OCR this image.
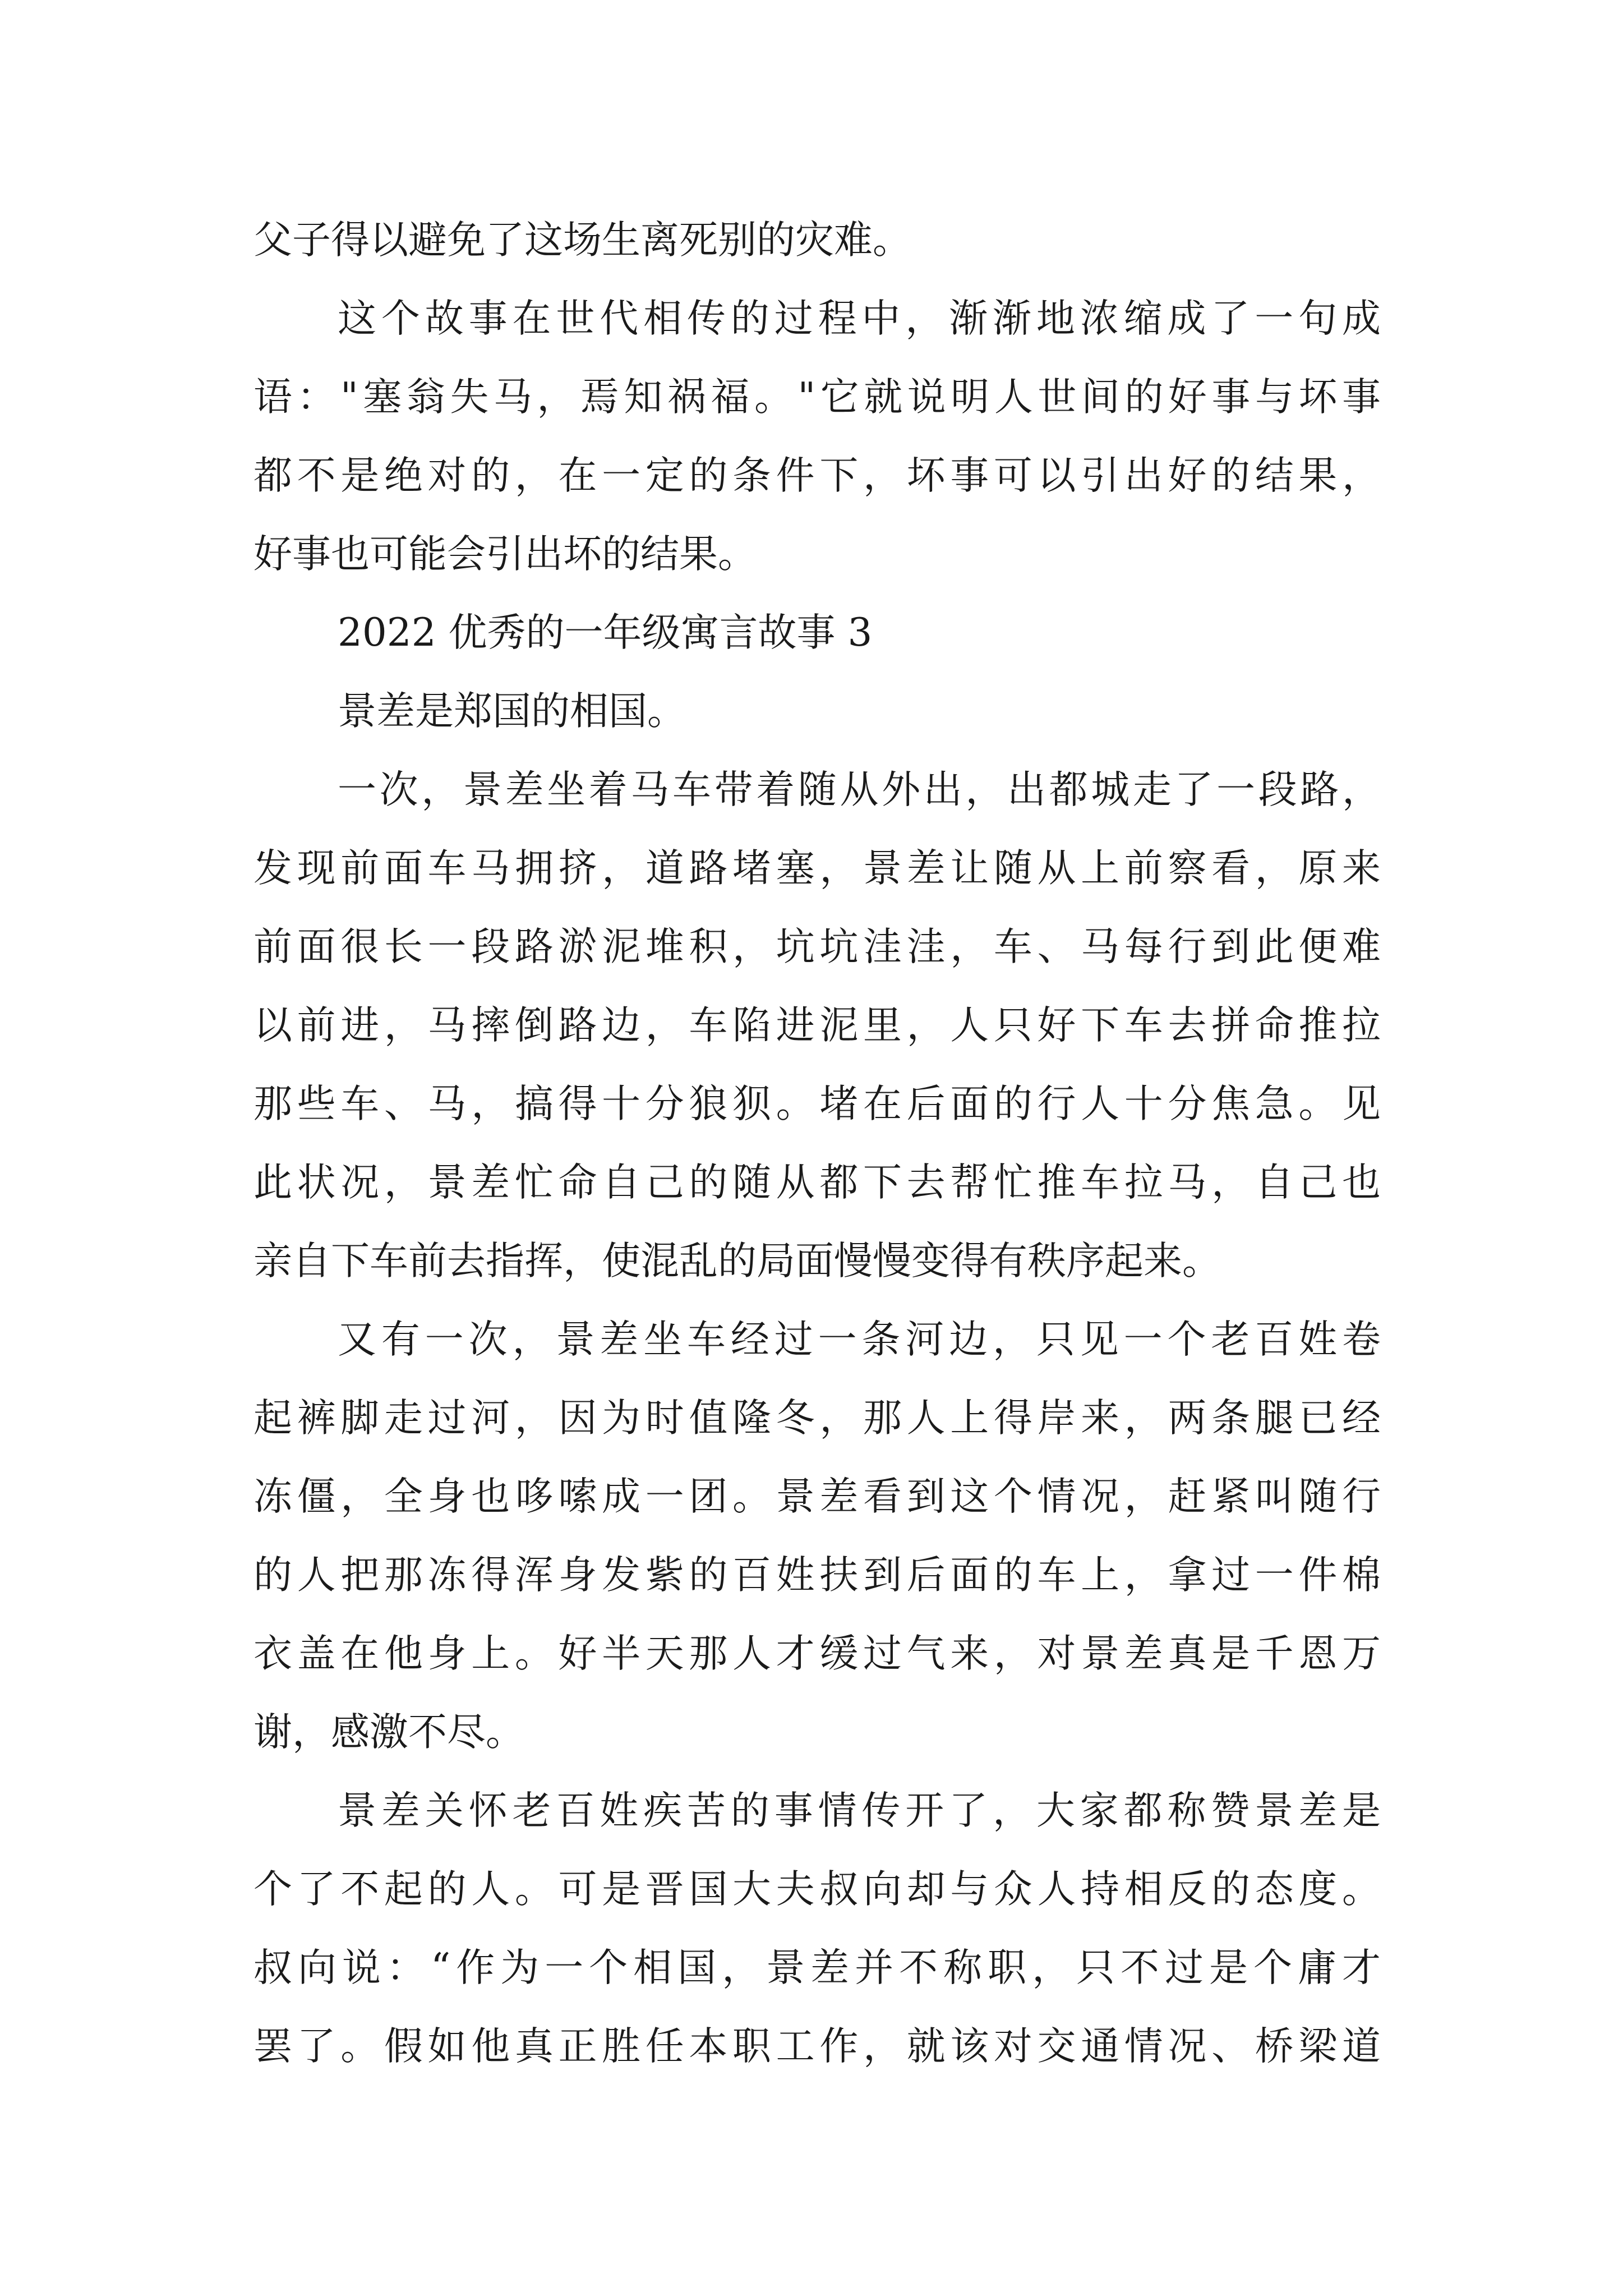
父子得以避免了这场生离死别的灾难。
这个故事在世代相传的过程中，渐渐地浓缩成了一句成
语："塞翁失马，焉知祸福。"它就说明人世间的好事与坏事
都不是绝对的，在一定的条件下，坏事可以引出好的结果，
好事也可能会引出坏的结果。
2022 优秀的一年级寓言故事 3
景差是郑国的相国。
一次，景差坐着马车带着随从外出，出都城走了一段路，
发现前面车马拥挤，道路堵塞，景差让随从上前察看，原来
前面很长一段路淤泥堆积，坑坑洼洼，车、马每行到此便难
以前进，马摔倒路边，车陷进泥里，人只好下车去拼命推拉
那些车、马，搞得十分狼狈。堵在后面的行人十分焦急。见
此状况，景差忙命自己的随从都下去帮忙推车拉马，自己也
亲自下车前去指挥，使混乱的局面慢慢变得有秩序起来。
又有一次，景差坐车经过一条河边，只见一个老百姓卷
起裤脚走过河，因为时值隆冬，那人上得岸来，两条腿已经
冻僵，全身也哆嗦成一团。景差看到这个情况，赶紧叫随行
的人把那冻得浑身发紫的百姓扶到后面的车上，拿过一件棉
衣盖在他身上。好半天那人才缓过气来，对景差真是千恩万
谢，感激不尽。
景差关怀老百姓疾苦的事情传开了，大家都称赞景差是
个了不起的人。可是晋国大夫叔向却与众人持相反的态度。
叔向说：“作为一个相国，景差并不称职，只不过是个庸才
罢了。假如他真正胜任本职工作，就该对交通情况、桥梁道
